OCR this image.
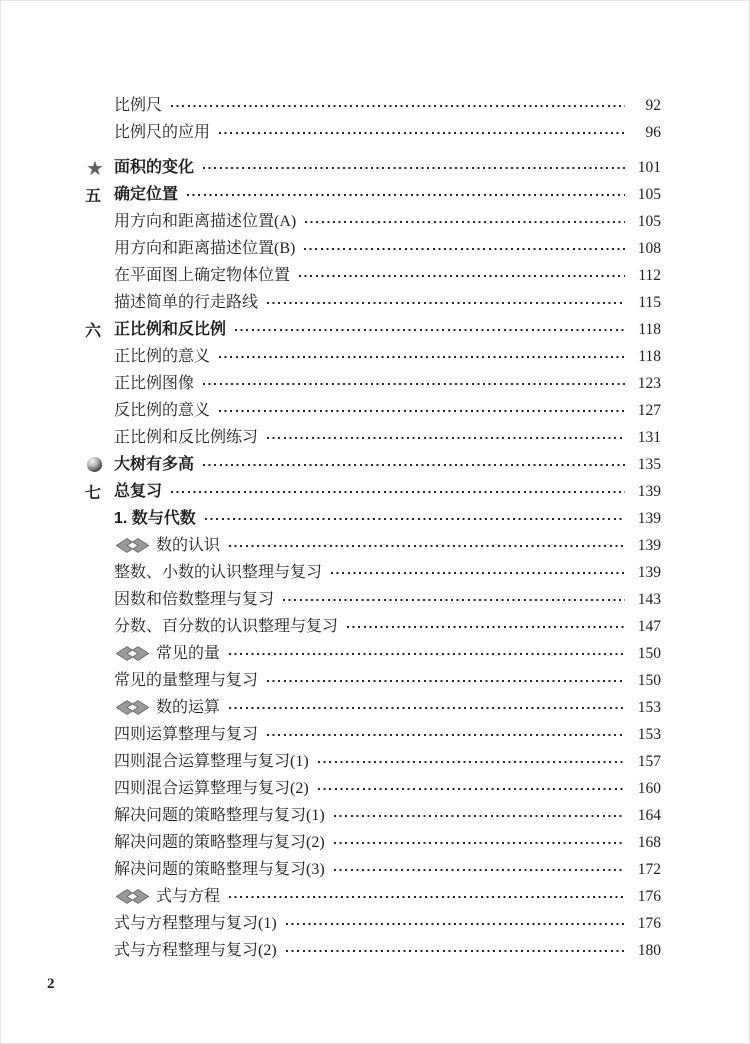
比例尺	92
比例尺的应用	96
★ 面积的变化	101
五 确定位置	105
用方向和距离描述位置(A)	105
用方向和距离描述位置(B)	108
在平面图上确定物体位置	112
描述简单的行走路线	115
六 正比例和反比例	118
正比例的意义	118
正比例图像	123
反比例的意义	127
正比例和反比例练习	131
大树有多高	135
七 总复习	139
1. 数与代数	139
数的认识	139
整数、小数的认识整理与复习	139
因数和倍数整理与复习	143
分数、百分数的认识整理与复习	147
常见的量	150
常见的量整理与复习	150
数的运算	153
四则运算整理与复习	153
四则混合运算整理与复习(1)	157
四则混合运算整理与复习(2)	160
解决问题的策略整理与复习(1)	164
解决问题的策略整理与复习(2)	168
解决问题的策略整理与复习(3)	172
式与方程	176
式与方程整理与复习(1)	176
式与方程整理与复习(2)	180
2
